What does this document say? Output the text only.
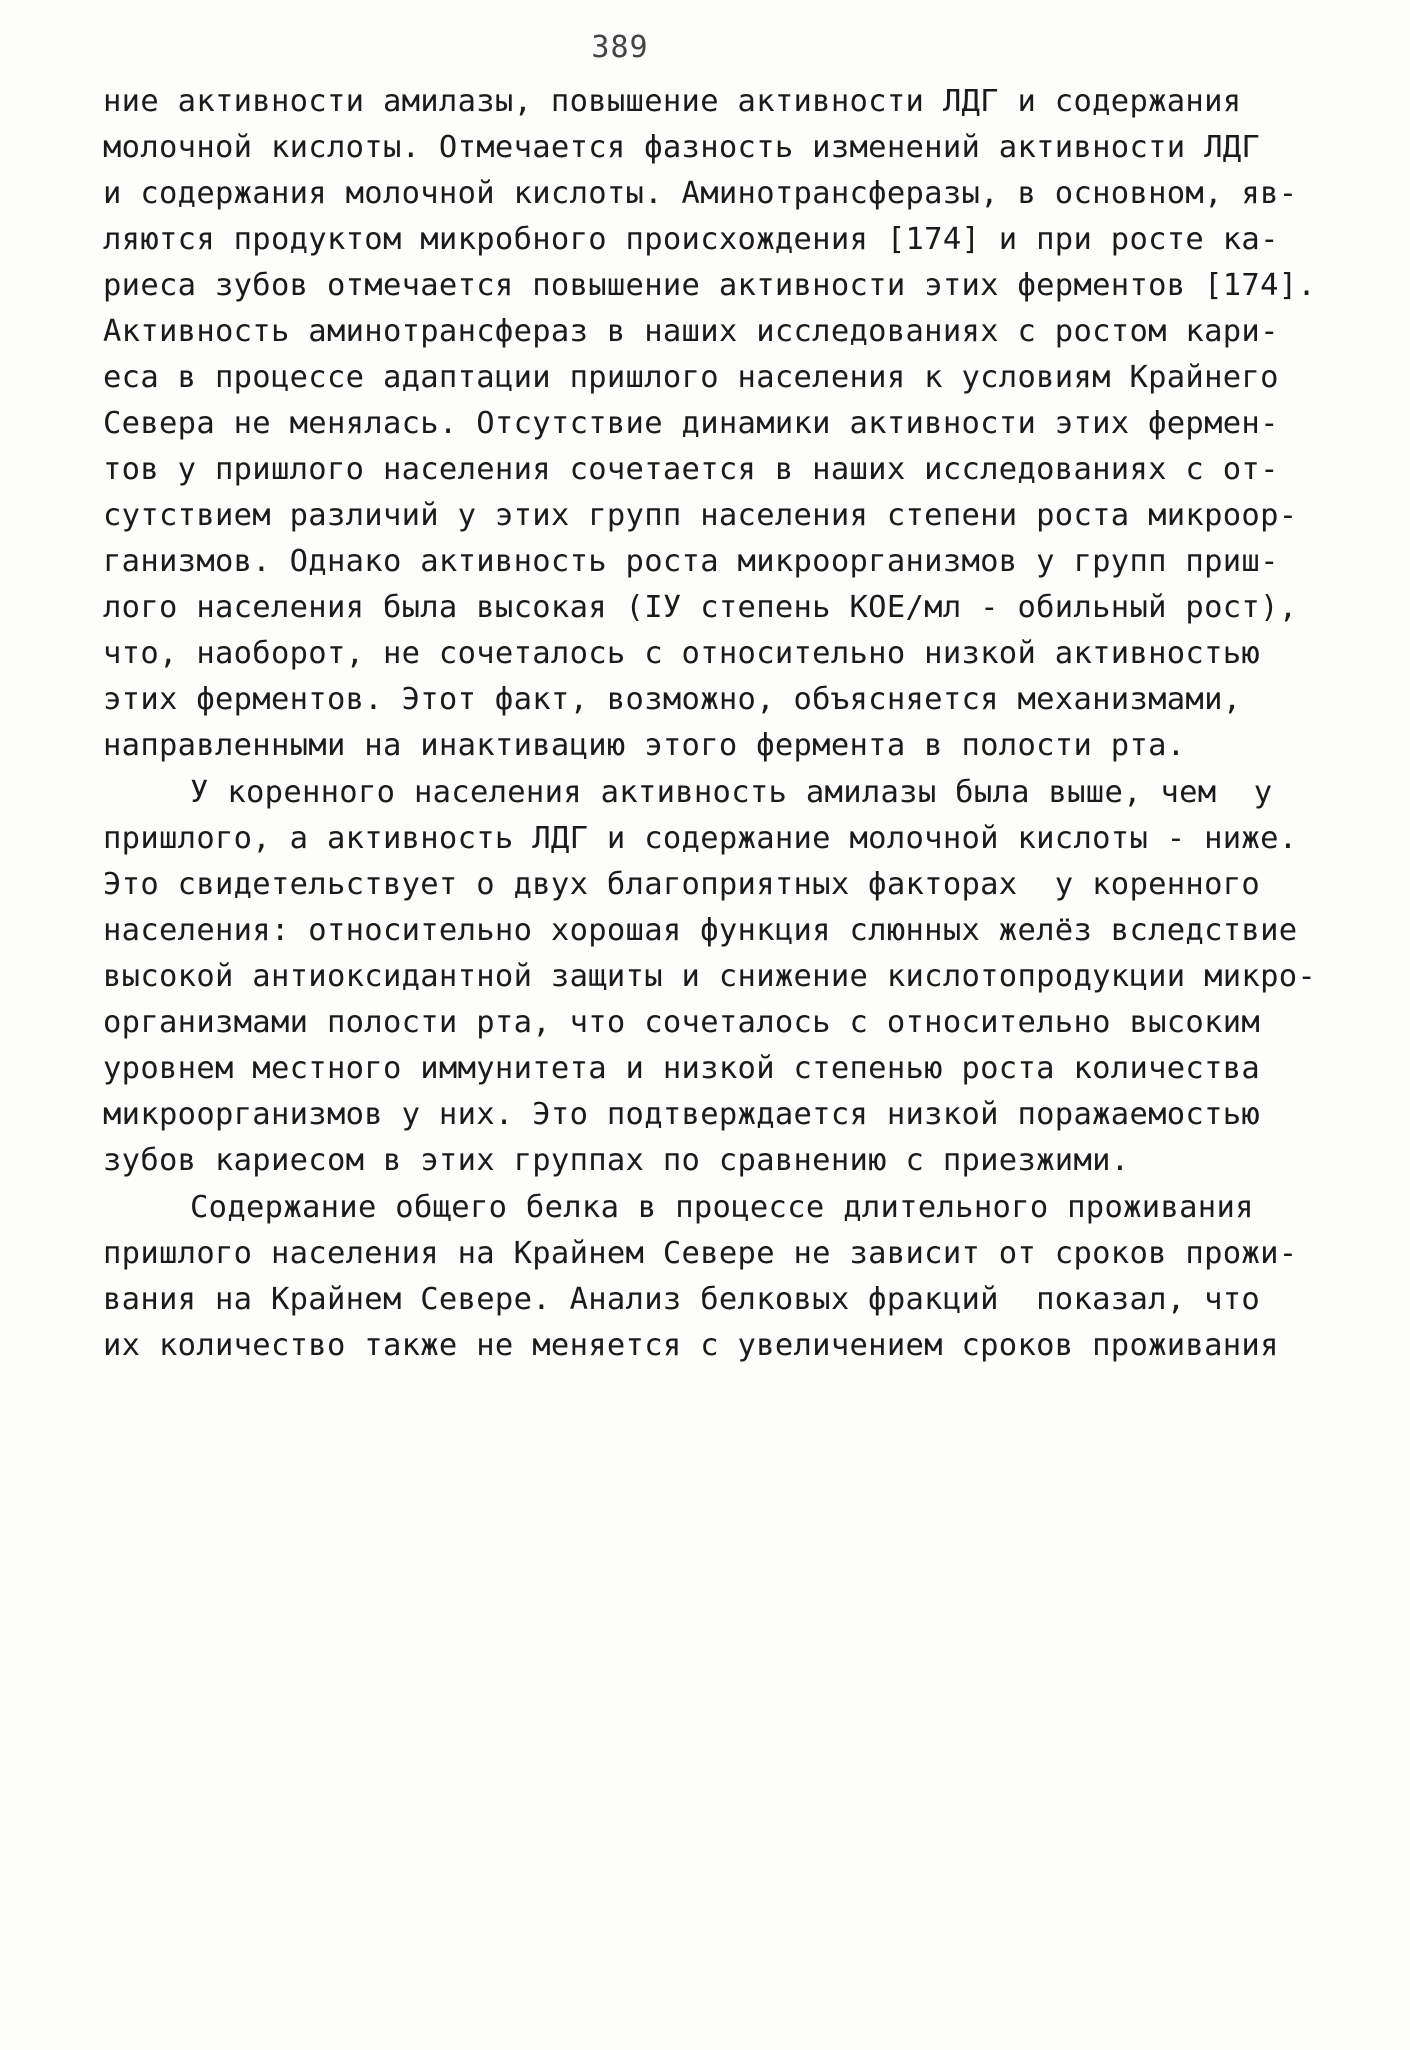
389
ние активности амилазы, повышение активности ЛДГ и содержания
молочной кислоты. Отмечается фазность изменений активности ЛДГ
и содержания молочной кислоты. Аминотрансферазы, в основном, яв-
ляются продуктом микробного происхождения [174] и при росте ка-
риеса зубов отмечается повышение активности этих ферментов [174].
Активность аминотрансфераз в наших исследованиях с ростом кари-
еса в процессе адаптации пришлого населения к условиям Крайнего
Севера не менялась. Отсутствие динамики активности этих фермен-
тов у пришлого населения сочетается в наших исследованиях с от-
сутствием различий у этих групп населения степени роста микроор-
ганизмов. Однако активность роста микроорганизмов у групп приш-
лого населения была высокая (IУ степень КОЕ/мл - обильный рост),
что, наоборот, не сочеталось с относительно низкой активностью
этих ферментов. Этот факт, возможно, объясняется механизмами,
направленными на инактивацию этого фермента в полости рта.
У коренного населения активность амилазы была выше, чем  у
пришлого, а активность ЛДГ и содержание молочной кислоты - ниже.
Это свидетельствует о двух благоприятных факторах  у коренного
населения: относительно хорошая функция слюнных желёз вследствие
высокой антиоксидантной защиты и снижение кислотопродукции микро-
организмами полости рта, что сочеталось с относительно высоким
уровнем местного иммунитета и низкой степенью роста количества
микроорганизмов у них. Это подтверждается низкой поражаемостью
зубов кариесом в этих группах по сравнению с приезжими.
Содержание общего белка в процессе длительного проживания
пришлого населения на Крайнем Севере не зависит от сроков прожи-
вания на Крайнем Севере. Анализ белковых фракций  показал, что
их количество также не меняется с увеличением сроков проживания
